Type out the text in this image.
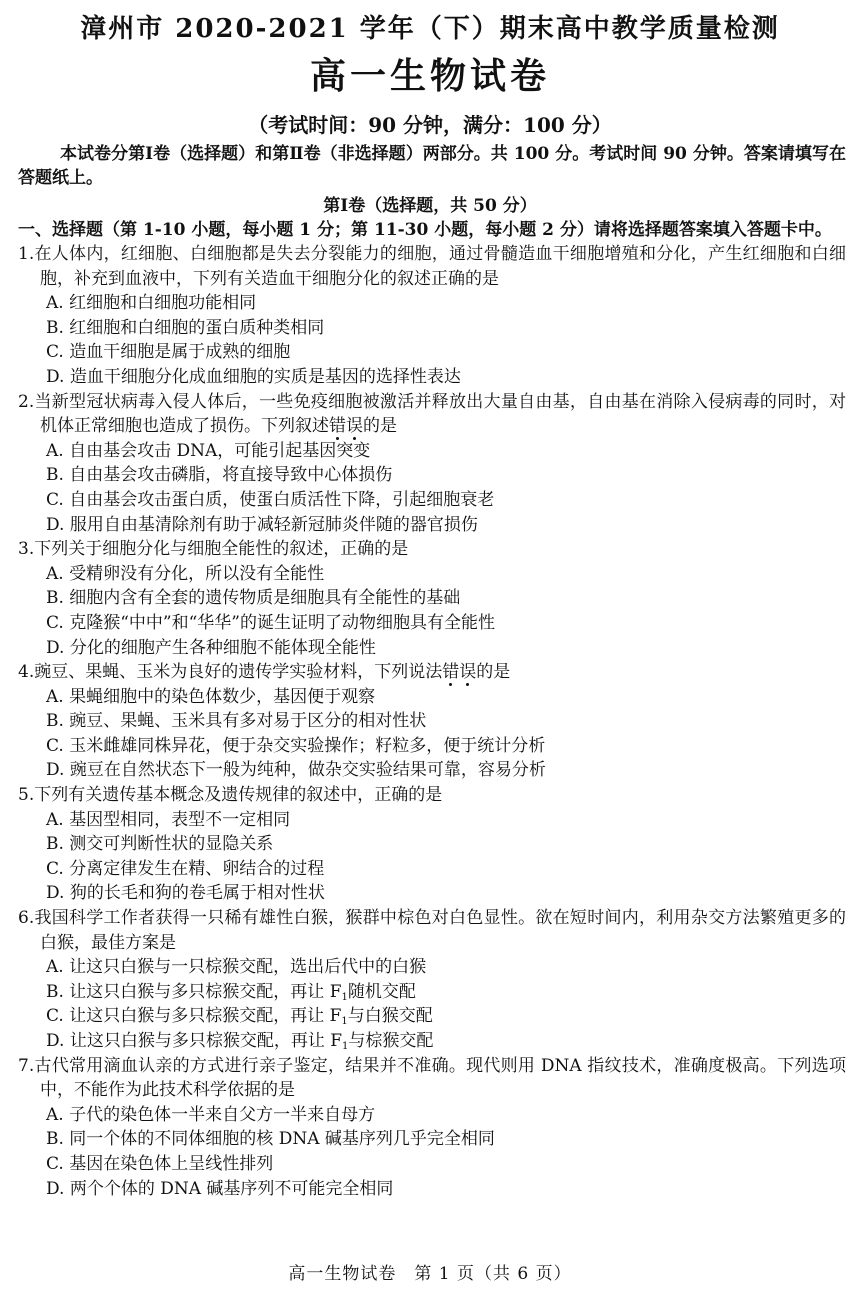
漳州市 2020-2021 学年（下）期末高中教学质量检测
高一生物试卷
（考试时间：90 分钟，满分：100 分）
本试卷分第Ⅰ卷（选择题）和第Ⅱ卷（非选择题）两部分。共 100 分。考试时间 90 分钟。答案请填写在答题纸上。
第Ⅰ卷（选择题，共 50 分）
一、选择题（第 1-10 小题，每小题 1 分；第 11-30 小题，每小题 2 分）请将选择题答案填入答题卡中。
1.在人体内，红细胞、白细胞都是失去分裂能力的细胞，通过骨髓造血干细胞增殖和分化，产生红细胞和白细胞，补充到血液中，下列有关造血干细胞分化的叙述正确的是
A. 红细胞和白细胞功能相同
B. 红细胞和白细胞的蛋白质种类相同
C. 造血干细胞是属于成熟的细胞
D. 造血干细胞分化成血细胞的实质是基因的选择性表达
2.当新型冠状病毒入侵人体后，一些免疫细胞被激活并释放出大量自由基，自由基在消除入侵病毒的同时，对机体正常细胞也造成了损伤。下列叙述错误的是
A. 自由基会攻击 DNA，可能引起基因突变
B. 自由基会攻击磷脂，将直接导致中心体损伤
C. 自由基会攻击蛋白质，使蛋白质活性下降，引起细胞衰老
D. 服用自由基清除剂有助于减轻新冠肺炎伴随的器官损伤
3.下列关于细胞分化与细胞全能性的叙述，正确的是
A. 受精卵没有分化，所以没有全能性
B. 细胞内含有全套的遗传物质是细胞具有全能性的基础
C. 克隆猴“中中”和“华华”的诞生证明了动物细胞具有全能性
D. 分化的细胞产生各种细胞不能体现全能性
4.豌豆、果蝇、玉米为良好的遗传学实验材料，下列说法错误的是
A. 果蝇细胞中的染色体数少，基因便于观察
B. 豌豆、果蝇、玉米具有多对易于区分的相对性状
C. 玉米雌雄同株异花，便于杂交实验操作；籽粒多，便于统计分析
D. 豌豆在自然状态下一般为纯种，做杂交实验结果可靠，容易分析
5.下列有关遗传基本概念及遗传规律的叙述中，正确的是
A. 基因型相同，表型不一定相同
B. 测交可判断性状的显隐关系
C. 分离定律发生在精、卵结合的过程
D. 狗的长毛和狗的卷毛属于相对性状
6.我国科学工作者获得一只稀有雄性白猴，猴群中棕色对白色显性。欲在短时间内，利用杂交方法繁殖更多的白猴，最佳方案是
A. 让这只白猴与一只棕猴交配，选出后代中的白猴
B. 让这只白猴与多只棕猴交配，再让 $F_1$随机交配
C. 让这只白猴与多只棕猴交配，再让 $F_1$与白猴交配
D. 让这只白猴与多只棕猴交配，再让 $F_1$与棕猴交配
7.古代常用滴血认亲的方式进行亲子鉴定，结果并不准确。现代则用 DNA 指纹技术，准确度极高。下列选项中，不能作为此技术科学依据的是
A. 子代的染色体一半来自父方一半来自母方
B. 同一个体的不同体细胞的核 DNA 碱基序列几乎完全相同
C. 基因在染色体上呈线性排列
D. 两个个体的 DNA 碱基序列不可能完全相同
高一生物试卷　第 1 页（共 6 页）
